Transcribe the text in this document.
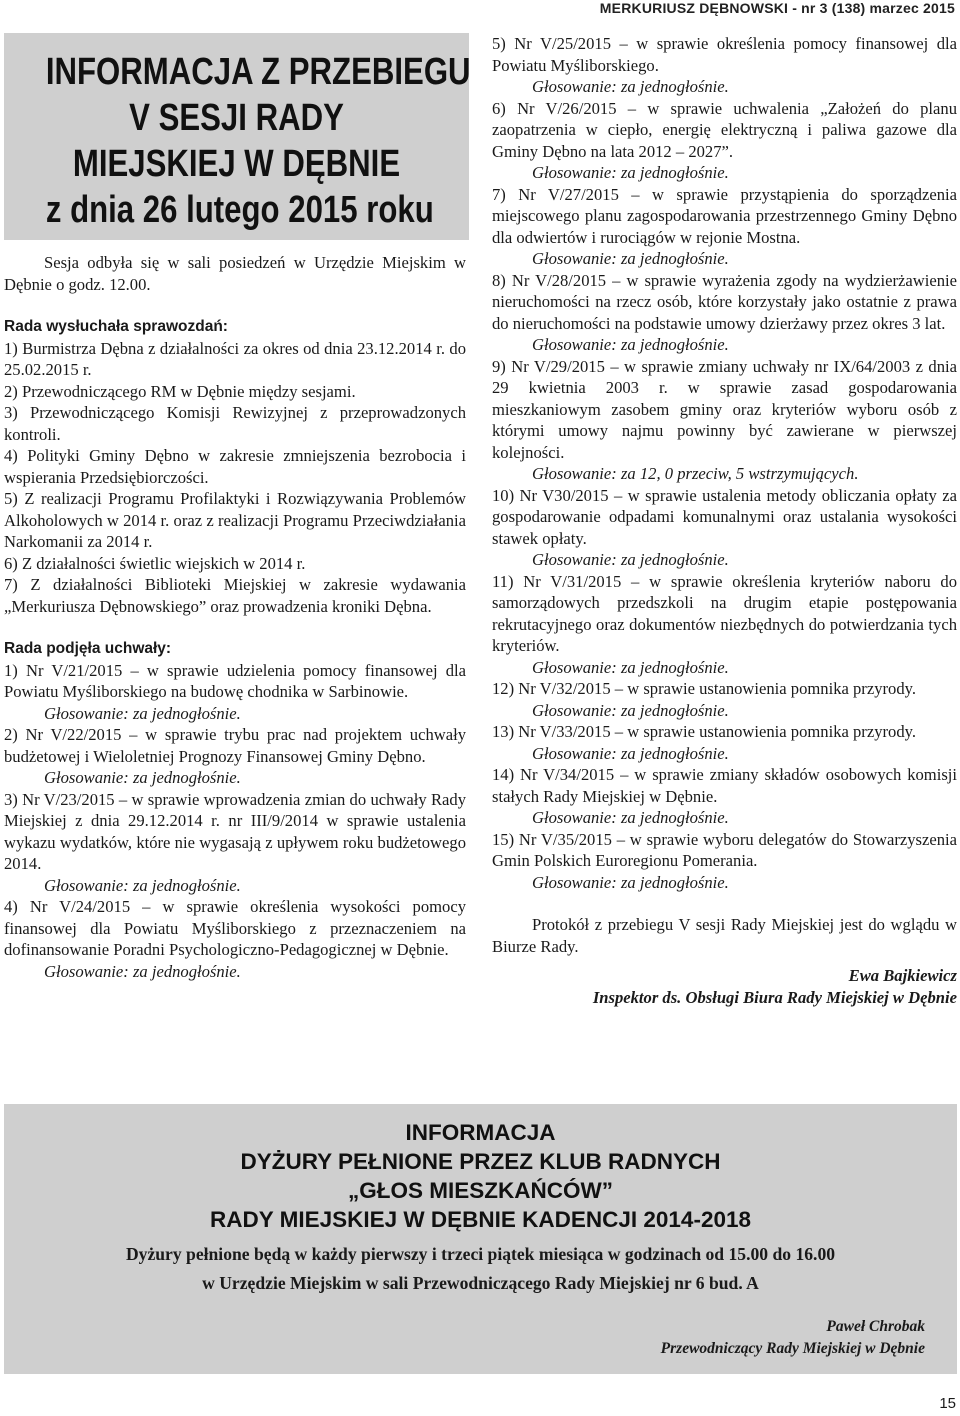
MERKURIUSZ DĘBNOWSKI - nr 3 (138) marzec 2015
INFORMACJA Z PRZEBIEGU
V SESJI RADY
MIEJSKIEJ W DĘBNIE
z dnia 26 lutego 2015 roku

Sesja odbyła się w sali posiedzeń w Urzędzie Miejskim w Dębnie o godz. 12.00.

Rada wysłuchała sprawozdań:

1) Burmistrza Dębna z działalności za okres od dnia 23.12.2014 r. do 25.02.2015 r.

2) Przewodniczącego RM w Dębnie między sesjami.

3) Przewodniczącego Komisji Rewizyjnej z przeprowadzonych kontroli.

4) Polityki Gminy Dębno w zakresie zmniejszenia bezrobocia i wspierania Przedsiębiorczości.

5) Z realizacji Programu Profilaktyki i Rozwiązywania Problemów Alkoholowych w 2014 r. oraz z realizacji Programu Przeciwdziałania Narkomanii za 2014 r.

6) Z działalności świetlic wiejskich w 2014 r.

7) Z działalności Biblioteki Miejskiej w zakresie wydawania „Merkuriusza Dębnowskiego” oraz prowadzenia kroniki Dębna.

Rada podjęła uchwały:

1) Nr V/21/2015 – w sprawie udzielenia pomocy finansowej dla Powiatu Myśliborskiego na budowę chodnika w Sarbinowie.

Głosowanie: za jednogłośnie.

2) Nr V/22/2015 – w sprawie trybu prac nad projektem uchwały budżetowej i Wieloletniej Prognozy Finansowej Gminy Dębno.

Głosowanie: za jednogłośnie.

3) Nr V/23/2015 – w sprawie wprowadzenia zmian do uchwały Rady Miejskiej z dnia 29.12.2014 r. nr III/9/2014 w sprawie ustalenia wykazu wydatków, które nie wygasają z upływem roku budżetowego 2014.

Głosowanie: za jednogłośnie.

4) Nr V/24/2015 – w sprawie określenia wysokości pomocy finansowej dla Powiatu Myśliborskiego z przeznaczeniem na dofinansowanie Poradni Psychologiczno-Pedagogicznej w Dębnie.

Głosowanie: za jednogłośnie.

5) Nr V/25/2015 – w sprawie określenia pomocy finansowej dla Powiatu Myśliborskiego.

Głosowanie: za jednogłośnie.

6) Nr V/26/2015 – w sprawie uchwalenia „Założeń do planu zaopatrzenia w ciepło, energię elektryczną i paliwa gazowe dla Gminy Dębno na lata 2012 – 2027”.

Głosowanie: za jednogłośnie.

7) Nr V/27/2015 – w sprawie przystąpienia do sporządzenia miejscowego planu zagospodarowania przestrzennego Gminy Dębno dla odwiertów i rurociągów w rejonie Mostna.

Głosowanie: za jednogłośnie.

8) Nr V/28/2015 – w sprawie wyrażenia zgody na wydzierżawienie nieruchomości na rzecz osób, które korzystały jako ostatnie z prawa do nieruchomości na podstawie umowy dzierżawy przez okres 3 lat.

Głosowanie: za jednogłośnie.

9) Nr V/29/2015 – w sprawie zmiany uchwały nr IX/64/2003 z dnia 29 kwietnia 2003 r. w sprawie zasad gospodarowania mieszkaniowym zasobem gminy oraz kryteriów wyboru osób z którymi umowy najmu powinny być zawierane w pierwszej kolejności.

Głosowanie: za 12, 0 przeciw, 5 wstrzymujących.

10) Nr V30/2015 – w sprawie ustalenia metody obliczania opłaty za gospodarowanie odpadami komunalnymi oraz ustalania wysokości stawek opłaty.

Głosowanie: za jednogłośnie.

11) Nr V/31/2015 – w sprawie określenia kryteriów naboru do samorządowych przedszkoli na drugim etapie postępowania rekrutacyjnego oraz dokumentów niezbędnych do potwierdzania tych kryteriów.

Głosowanie: za jednogłośnie.

12) Nr V/32/2015 – w sprawie ustanowienia pomnika przyrody.

Głosowanie: za jednogłośnie.

13) Nr V/33/2015 – w sprawie ustanowienia pomnika przyrody.

Głosowanie: za jednogłośnie.

14) Nr V/34/2015 – w sprawie zmiany składów osobowych komisji stałych Rady Miejskiej w Dębnie.

Głosowanie: za jednogłośnie.

15) Nr V/35/2015 – w sprawie wyboru delegatów do Stowarzyszenia Gmin Polskich Euroregionu Pomerania.

Głosowanie: za jednogłośnie.

Protokół z przebiegu V sesji Rady Miejskiej jest do wglądu w Biurze Rady.

Ewa Bajkiewicz

Inspektor ds. Obsługi Biura Rady Miejskiej w Dębnie

INFORMACJA
DYŻURY PEŁNIONE PRZEZ KLUB RADNYCH
„GŁOS MIESZKAŃCÓW”
RADY MIEJSKIEJ W DĘBNIE KADENCJI 2014-2018
Dyżury pełnione będą w każdy pierwszy i trzeci piątek miesiąca w godzinach od 15.00 do 16.00
w Urzędzie Miejskim w sali Przewodniczącego Rady Miejskiej nr 6 bud. A
Paweł Chrobak
Przewodniczący Rady Miejskiej w Dębnie
15
